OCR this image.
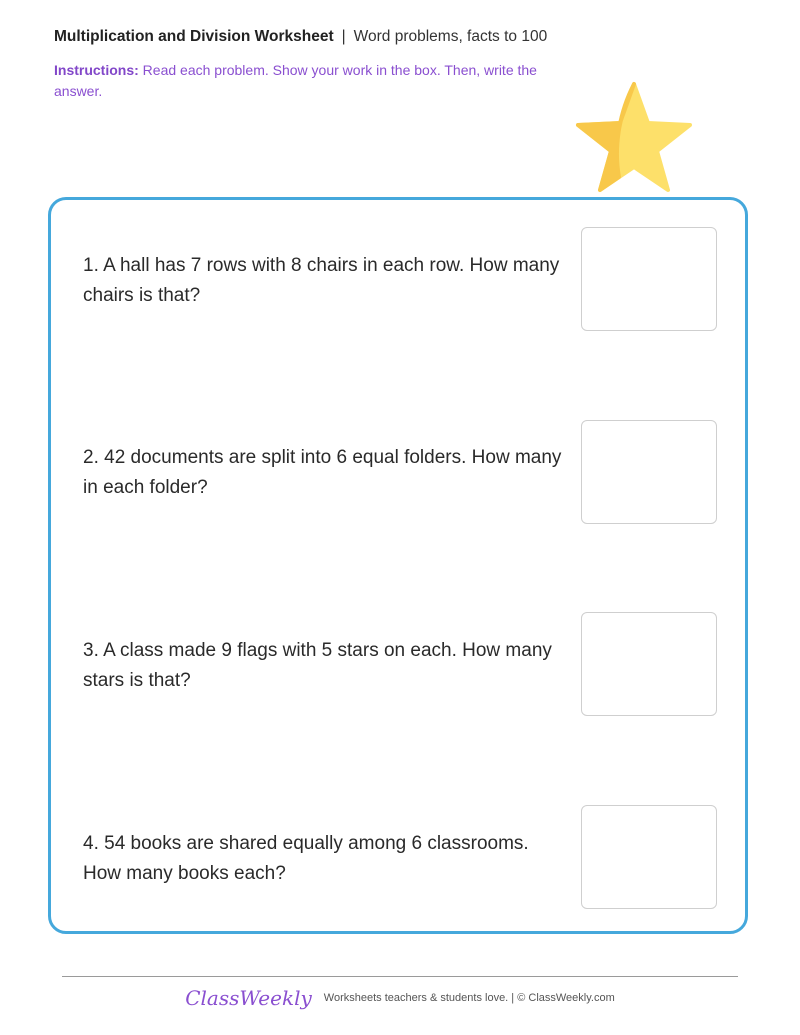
Multiplication and Division Worksheet | Word problems, facts to 100
Instructions: Read each problem. Show your work in the box. Then, write the answer.
1. A hall has 7 rows with 8 chairs in each row. How many chairs is that?
2. 42 documents are split into 6 equal folders. How many in each folder?
3. A class made 9 flags with 5 stars on each. How many stars is that?
4. 54 books are shared equally among 6 classrooms. How many books each?
ClassWeekly Worksheets teachers & students love. | © ClassWeekly.com
